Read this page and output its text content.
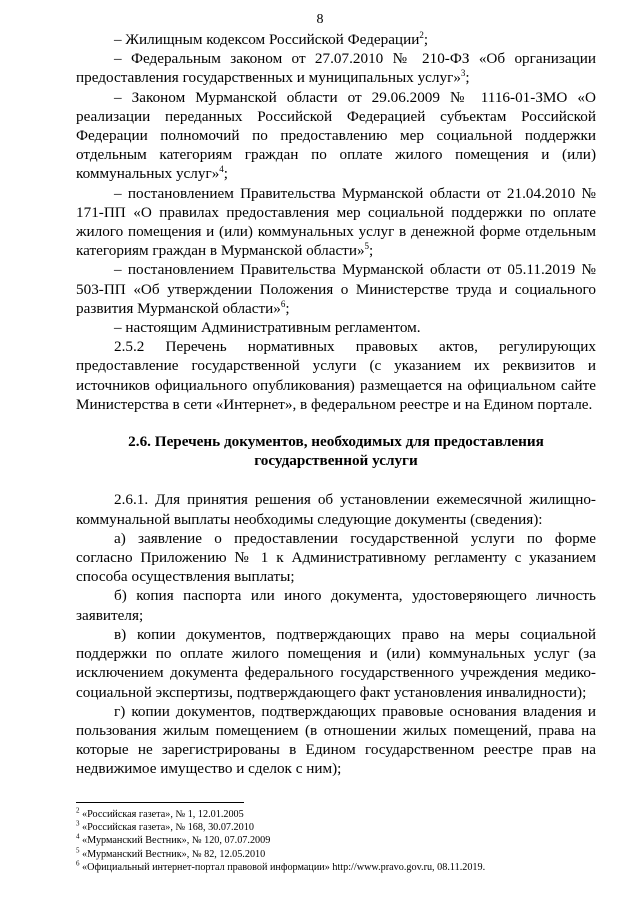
8

– Жилищным кодексом Российской Федерации$^2$;

– Федеральным законом от 27.07.2010 № 210-ФЗ «Об организации предоставления государственных и муниципальных услуг»$^3$;

– Законом Мурманской области от 29.06.2009 № 1116-01-ЗМО «О реализации переданных Российской Федерацией субъектам Российской Федерации полномочий по предоставлению мер социальной поддержки отдельным категориям граждан по оплате жилого помещения и (или) коммунальных услуг»$^4$;

– постановлением Правительства Мурманской области от 21.04.2010 № 171-ПП «О правилах предоставления мер социальной поддержки по оплате жилого помещения и (или) коммунальных услуг в денежной форме отдельным категориям граждан в Мурманской области»$^5$;

– постановлением Правительства Мурманской области от 05.11.2019 № 503-ПП «Об утверждении Положения о Министерстве труда и социального развития Мурманской области»$^6$;

– настоящим Административным регламентом.

2.5.2 Перечень нормативных правовых актов, регулирующих предоставление государственной услуги (с указанием их реквизитов и источников официального опубликования) размещается на официальном сайте Министерства в сети «Интернет», в федеральном реестре и на Едином портале.

2.6. Перечень документов, необходимых для предоставления
государственной услуги

2.6.1. Для принятия решения об установлении ежемесячной жилищно-коммунальной выплаты необходимы следующие документы (сведения):

а) заявление о предоставлении государственной услуги по форме согласно Приложению № 1 к Административному регламенту с указанием способа осуществления выплаты;

б) копия паспорта или иного документа, удостоверяющего личность заявителя;

в) копии документов, подтверждающих право на меры социальной поддержки по оплате жилого помещения и (или) коммунальных услуг (за исключением документа федерального государственного учреждения медико-социальной экспертизы, подтверждающего факт установления инвалидности);

г) копии документов, подтверждающих правовые основания владения и пользования жилым помещением (в отношении жилых помещений, права на которые не зарегистрированы в Едином государственном реестре прав на недвижимое имущество и сделок с ним);

$^2$ «Российская газета», № 1, 12.01.2005

$^3$ «Российская газета», № 168, 30.07.2010

$^4$ «Мурманский Вестник», № 120, 07.07.2009

$^5$ «Мурманский Вестник», № 82, 12.05.2010

$^6$ «Официальный интернет-портал правовой информации» http://www.pravo.gov.ru, 08.11.2019.
